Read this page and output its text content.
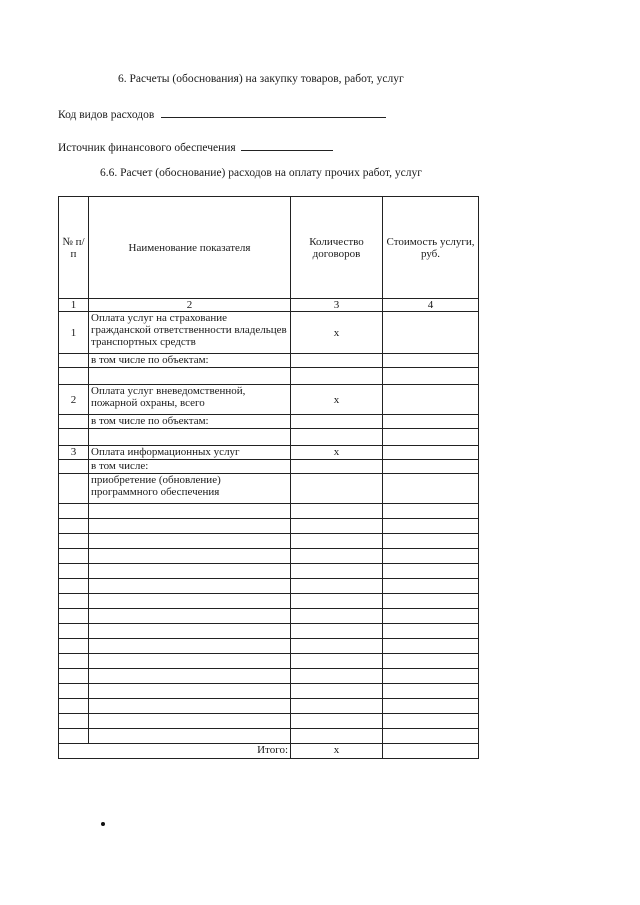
6. Расчеты (обоснования) на закупку товаров, работ, услуг
Код видов расходов
Источник финансового обеспечения
6.6. Расчет (обоснование) расходов на оплату прочих работ, услуг
№ п/п	Наименование показателя	Количество договоров	Стоимость услуги, руб.
1	2	3	4
1	Оплата услуг на страхование гражданской ответственности владельцев транспортных средств	x	
	в том числе по объектам:		

2	Оплата услуг вневедомственной, пожарной охраны, всего	x	
	в том числе по объектам:		

3	Оплата информационных услуг	x	
	в том числе:		
	приобретение (обновление) программного обеспечения		

Итого:		x	
